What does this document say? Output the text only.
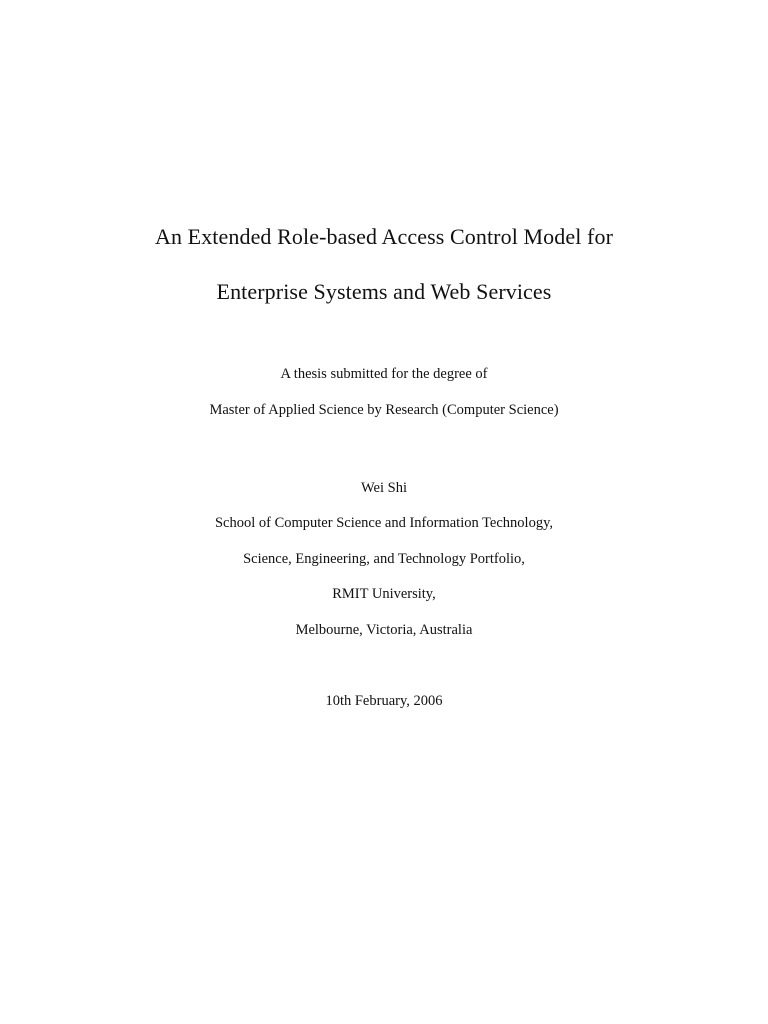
An Extended Role-based Access Control Model for
Enterprise Systems and Web Services
A thesis submitted for the degree of
Master of Applied Science by Research (Computer Science)
Wei Shi
School of Computer Science and Information Technology,
Science, Engineering, and Technology Portfolio,
RMIT University,
Melbourne, Victoria, Australia
10th February, 2006
